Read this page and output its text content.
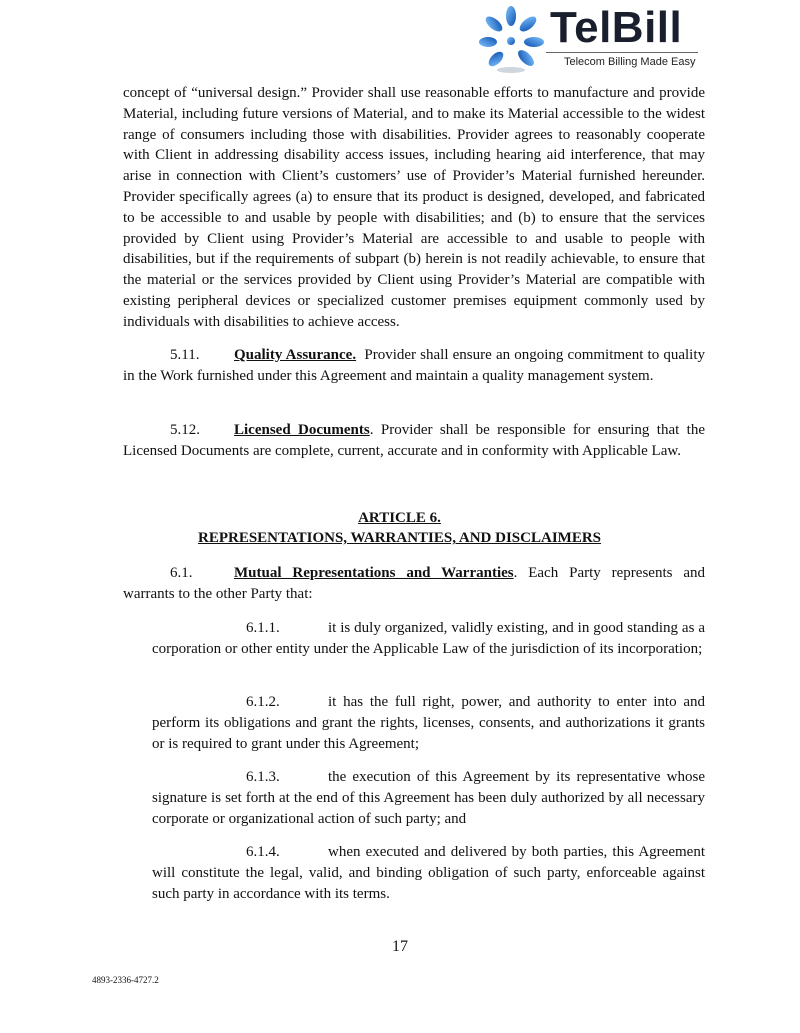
TelBill
Telecom Billing Made Easy

concept of “universal design.” Provider shall use reasonable efforts to manufacture and provide Material, including future versions of Material, and to make its Material accessible to the widest range of consumers including those with disabilities. Provider agrees to reasonably cooperate with Client in addressing disability access issues, including hearing aid interference, that may arise in connection with Client’s customers’ use of Provider’s Material furnished hereunder. Provider specifically agrees (a) to ensure that its product is designed, developed, and fabricated to be accessible to and usable by people with disabilities; and (b) to ensure that the services provided by Client using Provider’s Material are accessible to and usable to people with disabilities, but if the requirements of subpart (b) herein is not readily achievable, to ensure that the material or the services provided by Client using Provider’s Material are compatible with existing peripheral devices or specialized customer premises equipment commonly used by individuals with disabilities to achieve access.

5.11. Quality Assurance. Provider shall ensure an ongoing commitment to quality in the Work furnished under this Agreement and maintain a quality management system.

5.12. Licensed Documents. Provider shall be responsible for ensuring that the Licensed Documents are complete, current, accurate and in conformity with Applicable Law.

ARTICLE 6.

REPRESENTATIONS, WARRANTIES, AND DISCLAIMERS

6.1.	Mutual Representations and Warranties. Each Party represents and warrants to the other Party that:

6.1.1.	it is duly organized, validly existing, and in good standing as a corporation or other entity under the Applicable Law of the jurisdiction of its incorporation;

6.1.2.	it has the full right, power, and authority to enter into and perform its obligations and grant the rights, licenses, consents, and authorizations it grants or is required to grant under this Agreement;

6.1.3.	the execution of this Agreement by its representative whose signature is set forth at the end of this Agreement has been duly authorized by all necessary corporate or organizational action of such party; and

6.1.4.	when executed and delivered by both parties, this Agreement will constitute the legal, valid, and binding obligation of such party, enforceable against such party in accordance with its terms.

17
4893-2336-4727.2
